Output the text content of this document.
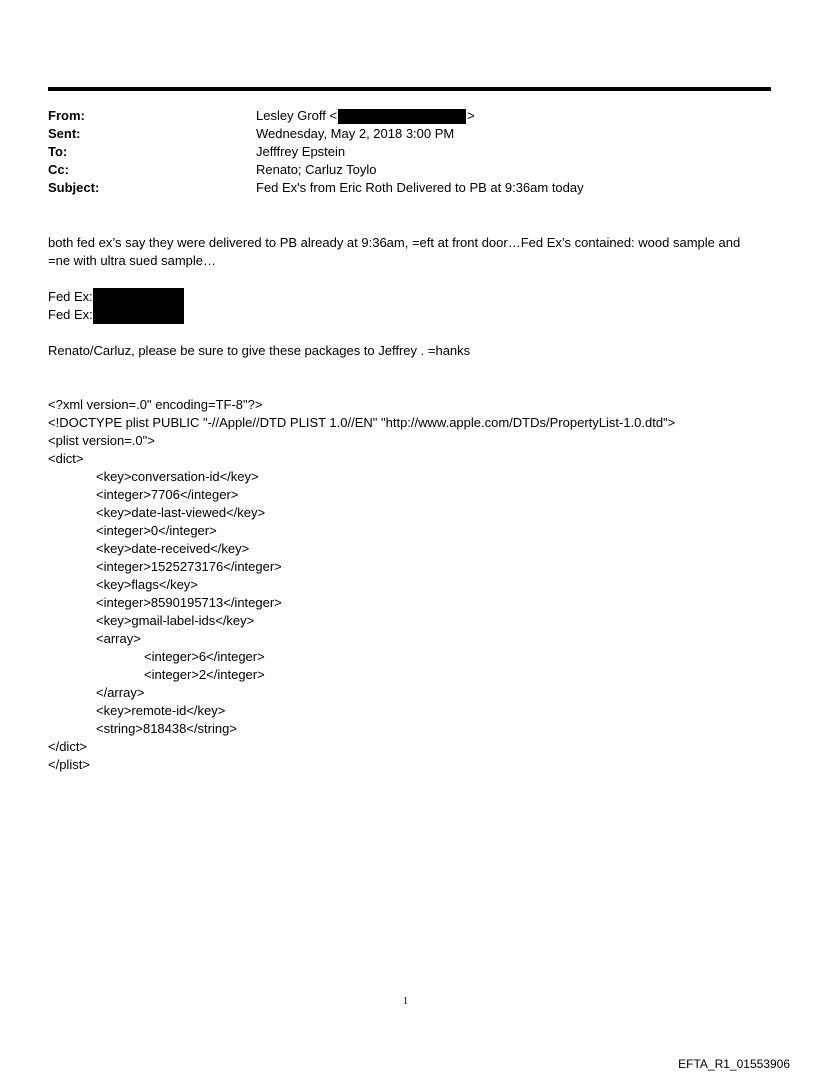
From:	Lesley Groff <	>
Sent:	Wednesday, May 2, 2018 3:00 PM
To:	Jefffrey Epstein
Cc:	Renato; Carluz Toylo
Subject:	Fed Ex's from Eric Roth Delivered to PB at 9:36am today
both fed ex’s say they were delivered to PB already at 9:36am, =eft at front door…Fed Ex’s contained: wood sample and
=ne with ultra sued sample…
Fed Ex:
Fed Ex:
Renato/Carluz, please be sure to give these packages to Jeffrey . =hanks
<?xml version=.0" encoding=TF-8"?>
<!DOCTYPE plist PUBLIC "-//Apple//DTD PLIST 1.0//EN" "http://www.apple.com/DTDs/PropertyList-1.0.dtd">
<plist version=.0">
<dict>
<key>conversation-id</key>
<integer>7706</integer>
<key>date-last-viewed</key>
<integer>0</integer>
<key>date-received</key>
<integer>1525273176</integer>
<key>flags</key>
<integer>8590195713</integer>
<key>gmail-label-ids</key>
<array>
<integer>6</integer>
<integer>2</integer>
</array>
<key>remote-id</key>
<string>818438</string>
</dict>
</plist>
1
EFTA_R1_01553906
